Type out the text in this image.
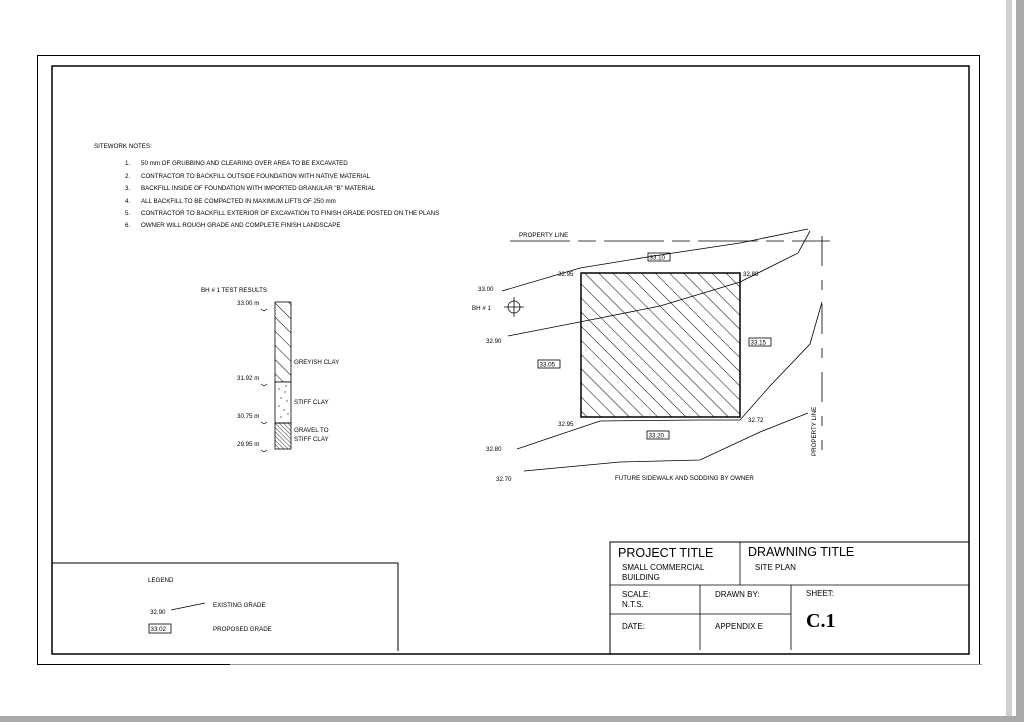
SITEWORK NOTES:
1. 50 mm OF GRUBBING AND CLEARING OVER AREA TO BE EXCAVATED
2. CONTRACTOR TO BACKFILL OUTSIDE FOUNDATION WITH NATIVE MATERIAL
3. BACKFILL INSIDE OF FOUNDATION WITH IMPORTED GRANULAR "B" MATERIAL
4. ALL BACKFILL TO BE COMPACTED IN MAXIMUM LIFTS OF 250 mm
5. CONTRACTOR TO BACKFILL EXTERIOR OF EXCAVATION TO FINISH GRADE POSTED ON THE PLANS
6. OWNER WILL ROUGH GRADE AND COMPLETE FINISH LANDSCAPE
BH # 1 TEST RESULTS
33.00 m
31.92 m
30.75 m
29.95 m
GREYISH CLAY
STIFF CLAY
GRAVEL TO
STIFF CLAY
PROPERTY LINE
PROPERTY LINE
BH # 1
33.00
32.90
32.80
32.70
32.95	32.88
32.95
32.72
33.10
33.05
33.15
33.20
FUTURE SIDEWALK AND SODDING BY OWNER
LEGEND
32.90
EXISTING GRADE
33.02	PROPOSED GRADE
PROJECT TITLE
SMALL COMMERCIAL
BUILDING
DRAWNING TITLE
SITE PLAN
SCALE:
N.T.S.
DRAWN BY:	SHEET:
C.1
DATE:	APPENDIX E
